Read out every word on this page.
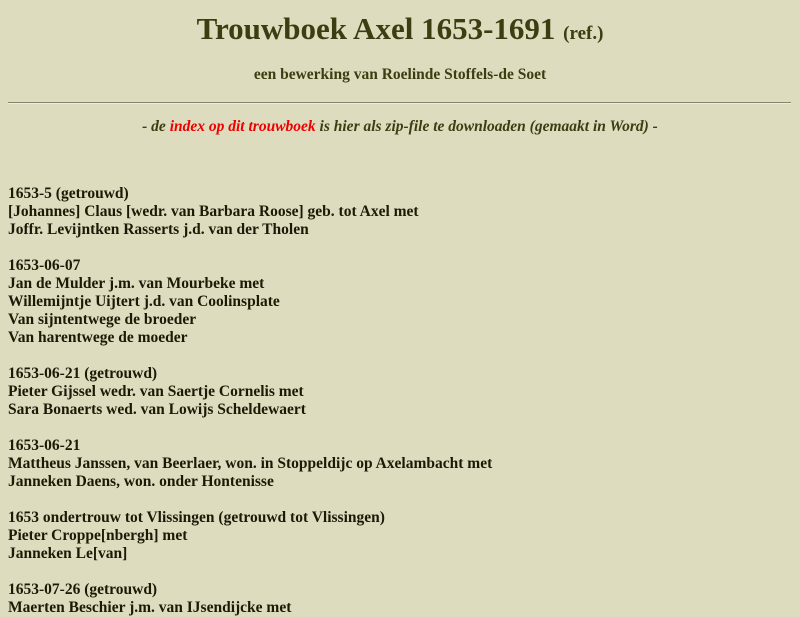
Trouwboek Axel 1653-1691 (ref.)
een bewerking van Roelinde Stoffels-de Soet
- de index op dit trouwboek is hier als zip-file te downloaden (gemaakt in Word) -

1653-5 (getrouwd)
[Johannes] Claus [wedr. van Barbara Roose] geb. tot Axel met
Joffr. Levijntken Rasserts j.d. van der Tholen

1653-06-07
Jan de Mulder j.m. van Mourbeke met
Willemijntje Uijtert j.d. van Coolinsplate
Van sijntentwege de broeder
Van harentwege de moeder

1653-06-21 (getrouwd)
Pieter Gijssel wedr. van Saertje Cornelis met
Sara Bonaerts wed. van Lowijs Scheldewaert

1653-06-21
Mattheus Janssen, van Beerlaer, won. in Stoppeldijc op Axelambacht met
Janneken Daens, won. onder Hontenisse

1653 ondertrouw tot Vlissingen (getrouwd tot Vlissingen)
Pieter Croppe[nbergh] met
Janneken Le[van]

1653-07-26 (getrouwd)
Maerten Beschier j.m. van IJsendijcke met
